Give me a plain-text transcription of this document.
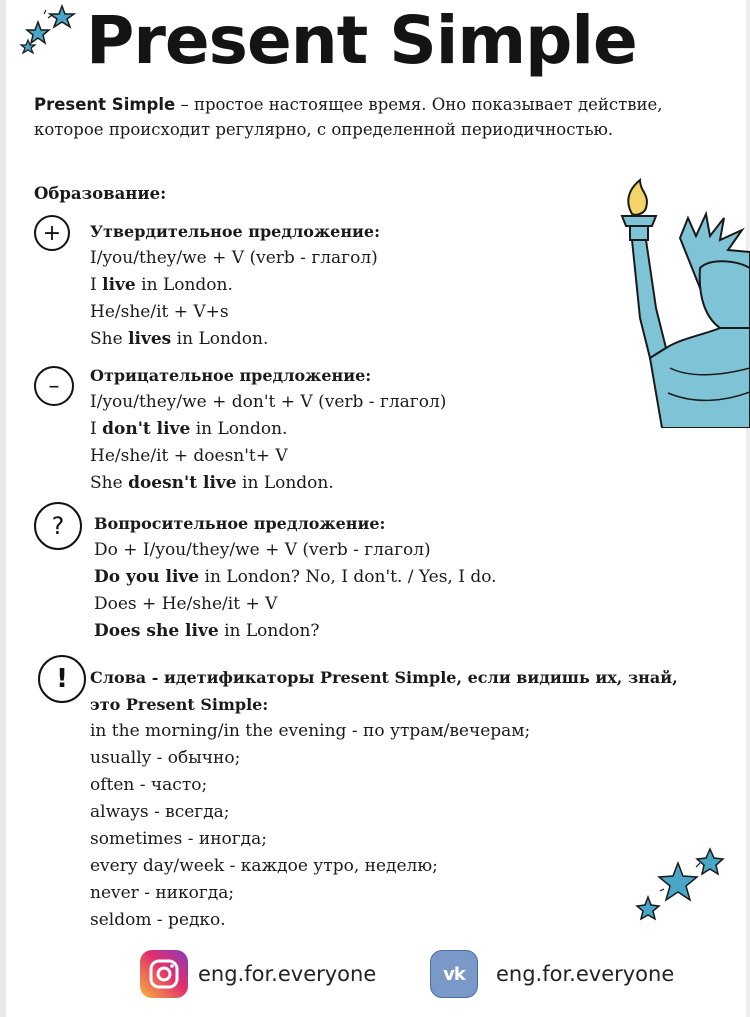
Present Simple

Present Simple – простое настоящее время. Оно показывает действие, которое происходит регулярно, с определенной периодичностью.

Образование:

+ Утвердительное предложение:
I/you/they/we + V (verb - глагол)
I live in London.
He/she/it + V+s
She lives in London.
– Отрицательное предложение:
I/you/they/we + don't + V (verb - глагол)
I don't live in London.
He/she/it + doesn't+ V
She doesn't live in London.
? Вопросительное предложение:
Do + I/you/they/we + V (verb - глагол)
Do you live in London? No, I don't. / Yes, I do.
Does + He/she/it + V
Does she live in London?
! Слова - идетификаторы Present Simple, если видишь их, знай,
это Present Simple:
in the morning/in the evening - по утрам/вечерам;
usually - обычно;
often - часто;
always - всегда;
sometimes - иногда;
every day/week - каждое утро, неделю;
never - никогда;
seldom - редко.
eng.for.everyone	vk eng.for.everyone
